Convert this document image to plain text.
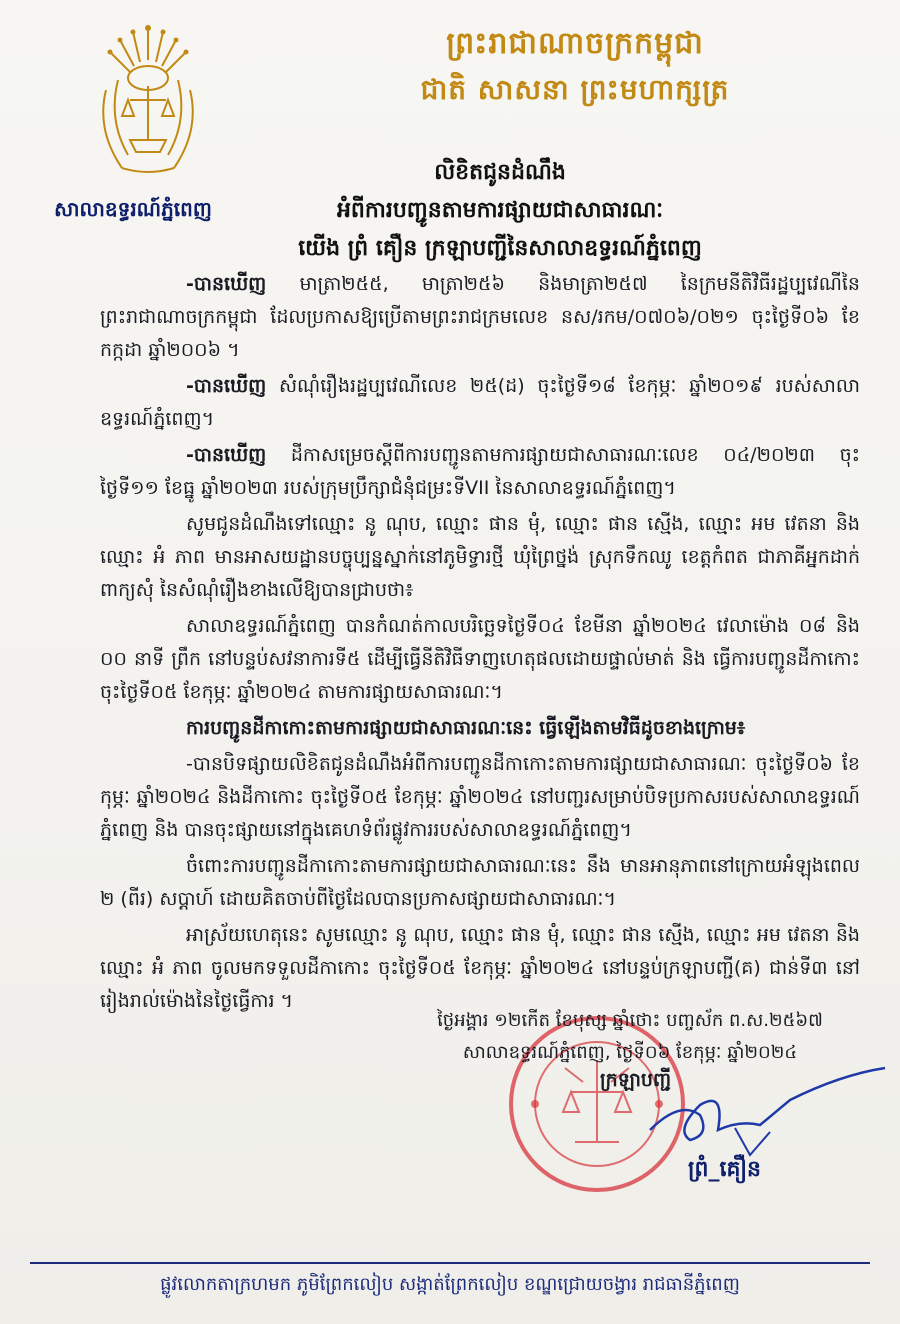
សាលាឧទ្ធរណ៍ភ្នំពេញ
ព្រះរាជាណាចក្រកម្ពុជា
ជាតិ សាសនា ព្រះមហាក្សត្រ
លិខិតជូនដំណឹង
អំពីការបញ្ជូនតាមការផ្សាយជាសាធារណៈ
យើង ព្រំ គឿន ក្រឡាបញ្ជីនៃសាលាឧទ្ធរណ៍ភ្នំពេញ

-បានឃើញ មាត្រា២៥៥, មាត្រា២៥៦ និងមាត្រា២៥៧ នៃក្រមនីតិវិធីរដ្ឋប្បវេណីនៃព្រះរាជាណាចក្រកម្ពុជា ដែលប្រកាសឱ្យប្រើតាមព្រះរាជក្រមលេខ នស/រកម/០៧០៦/០២១ ចុះថ្ងៃទី០៦ ខែកក្កដា ឆ្នាំ២០០៦ ។

-បានឃើញ សំណុំរឿងរដ្ឋប្បវេណីលេខ ២៥(ដ) ចុះថ្ងៃទី១៨ ខែកុម្ភៈ ឆ្នាំ២០១៩ របស់សាលាឧទ្ធរណ៍ភ្នំពេញ។

-បានឃើញ ដីកាសម្រេចស្តីពីការបញ្ជូនតាមការផ្សាយជាសាធារណៈលេខ ០៤/២០២៣ ចុះថ្ងៃទី១១ ខែធ្នូ ឆ្នាំ២០២៣ របស់ក្រុមប្រឹក្សាជំនុំជម្រះទីVII នៃសាលាឧទ្ធរណ៍ភ្នំពេញ។

សូមជូនដំណឹងទៅឈ្មោះ នូ ណុប, ឈ្មោះ ផាន មុំ, ឈ្មោះ ផាន ស្មើង, ឈ្មោះ អម វេតនា និង ឈ្មោះ អំ ភាព មានអាសយដ្ឋានបច្ចុប្បន្នស្នាក់នៅភូមិទ្វារថ្មី ឃុំព្រៃថ្នង់ ស្រុកទឹកឈូ ខេត្តកំពត ជាភាគីអ្នកដាក់ពាក្យសុំ នៃសំណុំរឿងខាងលើឱ្យបានជ្រាបថា៖

សាលាឧទ្ធរណ៍ភ្នំពេញ បានកំណត់កាលបរិច្ឆេទថ្ងៃទី០៤ ខែមីនា ឆ្នាំ២០២៤ វេលាម៉ោង ០៨ និង ០០ នាទី ព្រឹក នៅបន្ទប់សវនាការទី៥ ដើម្បីធ្វើនីតិវិធីទាញហេតុផលដោយផ្ទាល់មាត់ និង ធ្វើការបញ្ជូនដីកាកោះ ចុះថ្ងៃទី០៥ ខែកុម្ភៈ ឆ្នាំ២០២៤ តាមការផ្សាយសាធារណៈ។

ការបញ្ជូនដីកាកោះតាមការផ្សាយជាសាធារណៈនេះ ធ្វើឡើងតាមវិធីដូចខាងក្រោម៖

-បានបិទផ្សាយលិខិតជូនដំណឹងអំពីការបញ្ជូនដីកាកោះតាមការផ្សាយជាសាធារណៈ ចុះថ្ងៃទី០៦ ខែកុម្ភៈ ឆ្នាំ២០២៤ និងដីកាកោះ ចុះថ្ងៃទី០៥ ខែកុម្ភៈ ឆ្នាំ២០២៤ នៅបញ្ជរសម្រាប់បិទប្រកាសរបស់សាលាឧទ្ធរណ៍ភ្នំពេញ និង បានចុះផ្សាយនៅក្នុងគេហទំព័រផ្លូវការរបស់សាលាឧទ្ធរណ៍ភ្នំពេញ។

ចំពោះការបញ្ជូនដីកាកោះតាមការផ្សាយជាសាធារណៈនេះ នឹង មានអានុភាពនៅក្រោយអំឡុងពេល ២ (ពីរ) សប្តាហ៍ ដោយគិតចាប់ពីថ្ងៃដែលបានប្រកាសផ្សាយជាសាធារណៈ។

អាស្រ័យហេតុនេះ សូមឈ្មោះ នូ ណុប, ឈ្មោះ ផាន មុំ, ឈ្មោះ ផាន ស្មើង, ឈ្មោះ អម វេតនា និង ឈ្មោះ អំ ភាព ចូលមកទទួលដីកាកោះ ចុះថ្ងៃទី០៥ ខែកុម្ភៈ ឆ្នាំ២០២៤ នៅបន្ទប់ក្រឡាបញ្ជី(គ) ជាន់ទី៣ នៅរៀងរាល់ម៉ោងនៃថ្ងៃធ្វើការ ។

ថ្ងៃអង្គារ ១២កើត ខែបុស្ស ឆ្នាំថោះ បញ្ចស័ក ព.ស.២៥៦៧
សាលាឧទ្ធរណ៍ភ្នំពេញ, ថ្ងៃទី០៦ ខែកុម្ភៈ ឆ្នាំ២០២៤
ក្រឡាបញ្ជី
ព្រំ_គឿន
ផ្លូវលោកតាក្រហមក ភូមិព្រែកលៀប សង្កាត់ព្រែកលៀប ខណ្ឌជ្រោយចង្វារ រាជធានីភ្នំពេញ
